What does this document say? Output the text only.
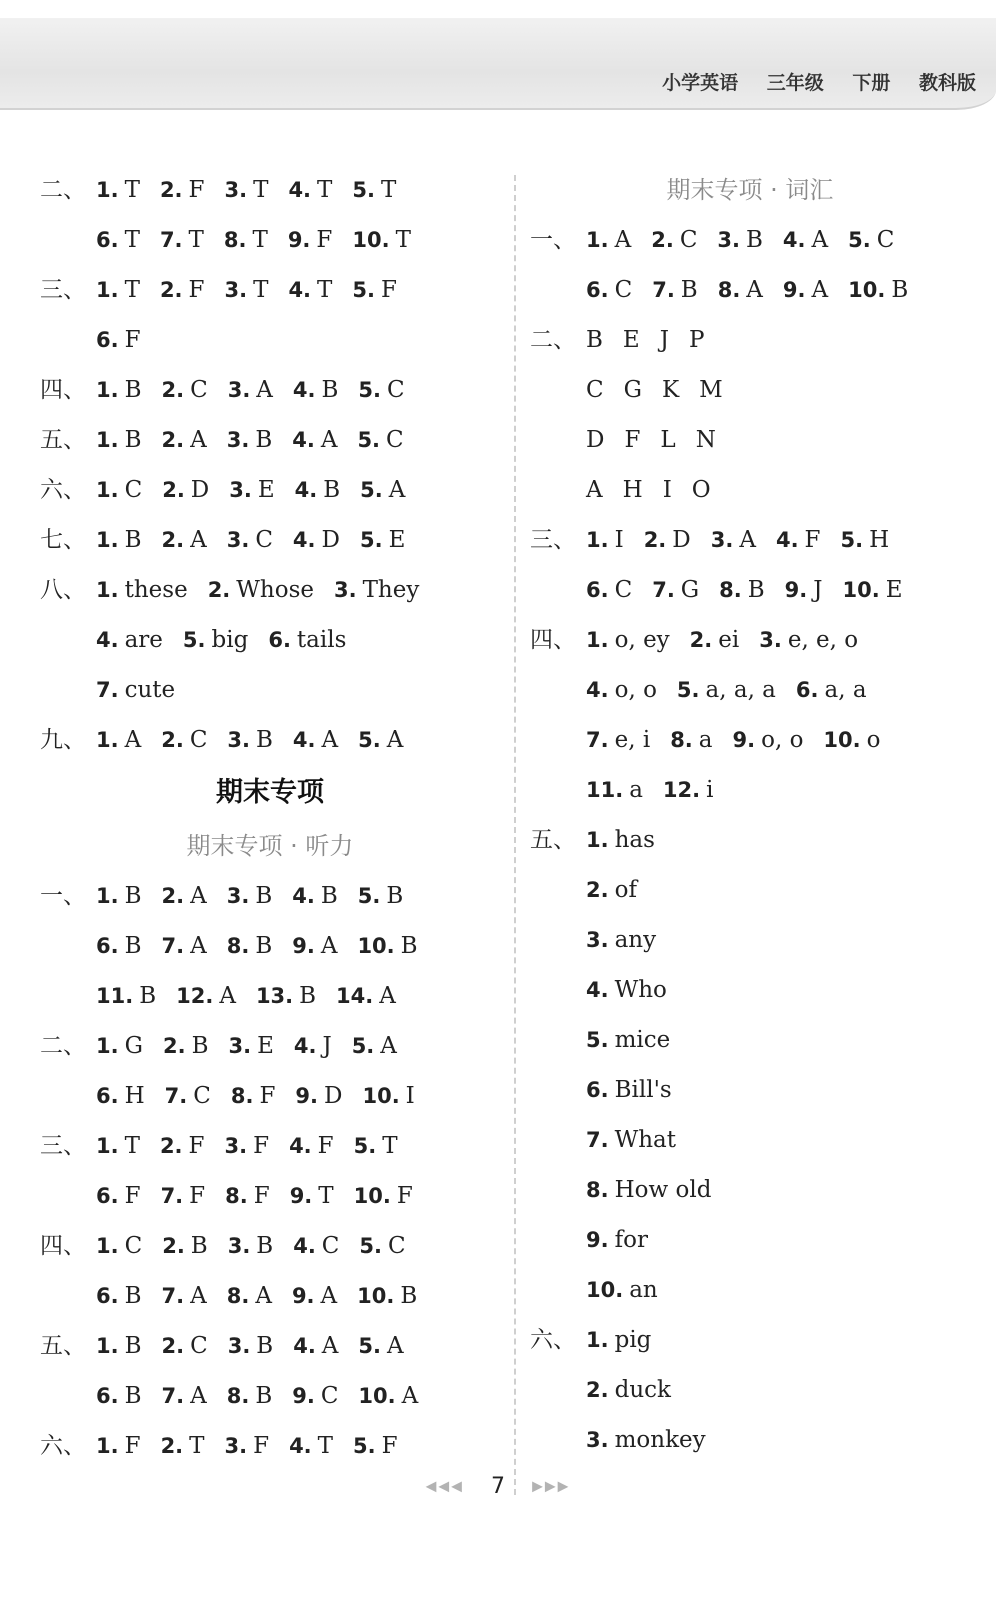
小学英语 三年级 下册 教科版
二、 1. T 2. F 3. T 4. T 5. T
6. T 7. T 8. T 9. F 10. T
三、 1. T 2. F 3. T 4. T 5. F
6. F
四、 1. B 2. C 3. A 4. B 5. C
五、 1. B 2. A 3. B 4. A 5. C
六、 1. C 2. D 3. E 4. B 5. A
七、 1. B 2. A 3. C 4. D 5. E
八、 1. these 2. Whose 3. They
4. are 5. big 6. tails
7. cute
九、 1. A 2. C 3. B 4. A 5. A
期末专项
期末专项 · 听力
一、 1. B 2. A 3. B 4. B 5. B
6. B 7. A 8. B 9. A 10. B
11. B 12. A 13. B 14. A
二、 1. G 2. B 3. E 4. J 5. A
6. H 7. C 8. F 9. D 10. I
三、 1. T 2. F 3. F 4. F 5. T
6. F 7. F 8. F 9. T 10. F
四、 1. C 2. B 3. B 4. C 5. C
6. B 7. A 8. A 9. A 10. B
五、 1. B 2. C 3. B 4. A 5. A
6. B 7. A 8. B 9. C 10. A
六、 1. F 2. T 3. F 4. T 5. F
期末专项 · 词汇
一、 1. A 2. C 3. B 4. A 5. C
6. C 7. B 8. A 9. A 10. B
二、 B E J P
C G K M
D F L N
A H I O
三、 1. I 2. D 3. A 4. F 5. H
6. C 7. G 8. B 9. J 10. E
四、 1. o, ey 2. ei 3. e, e, o
4. o, o 5. a, a, a 6. a, a
7. e, i 8. a 9. o, o 10. o
11. a 12. i
五、 1. has
2. of
3. any
4. Who
5. mice
6. Bill's
7. What
8. How old
9. for
10. an
六、 1. pig
2. duck
3. monkey
◀◀◀ 7 ▶▶▶
